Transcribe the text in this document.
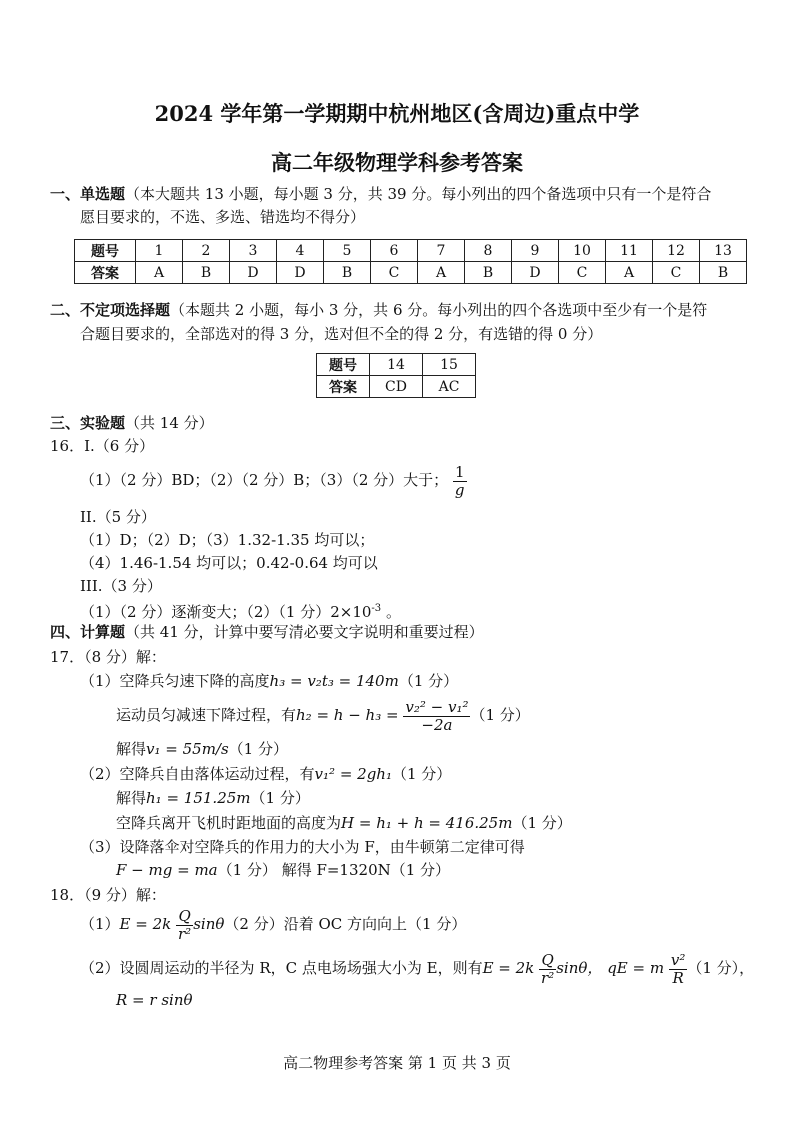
2024 学年第一学期期中杭州地区(含周边)重点中学
高二年级物理学科参考答案
一、单选题（本大题共 13 小题，每小题 3 分，共 39 分。每小列出的四个备选项中只有一个是符合
愿目要求的，不选、多选、错选均不得分）
题号	1	2	3	4	5	6	7	8	9	10	11	12	13
答案	A	B	D	D	B	C	A	B	D	C	A	C	B
二、不定项选择题（本题共 2 小题，每小 3 分，共 6 分。每小列出的四个各选项中至少有一个是符
合题目要求的，全部选对的得 3 分，选对但不全的得 2 分，有选错的得 0 分）
题号	14	15
答案	CD	AC
三、实验题（共 14 分）
16．I.（6 分）
（1）（2 分）BD；（2）（2 分）B；（3）（2 分）大于； $\frac{1}{g}$
II.（5 分）
（1）D；（2）D；（3）1.32-1.35 均可以；
（4）1.46-1.54 均可以；0.42-0.64 均可以
III.（3 分）
（1）（2 分）逐渐变大；（2）（1 分）$2\times 10^{-3}$ 。
四、计算题（共 41 分，计算中要写清必要文字说明和重要过程）
17．（8 分）解：
（1）空降兵匀速下降的高度h₃ = v₂t₃ = 140m（1 分）
运动员匀减速下降过程，有$h_2 = h - h_3 = \frac{\text{v₂² − v₁²}}{-2a} (1$ 分）
解得v₁ = 55m/s（1 分）
（2）空降兵自由落体运动过程，有v₁² = 2gh₁（1 分）
解得h₁ = 151.25m（1 分）
空降兵离开飞机时距地面的高度为H = h₁ + h = 416.25m（1 分）
（3）设降落伞对空降兵的作用力的大小为 F，由牛顿第二定律可得
F − mg = ma（1 分） 解得 F=1320N（1 分）
18．（9 分）解：
$(1)E = 2k \frac{Q}{\text{r²}} \sin\theta(2$ 分）沿着 OC 方向向上（1 分）
（2）设圆周运动的半径为 R，C 点电场场强大小为 E，则有$E = 2k \frac{Q}{\text{r²}}$ sinθ， qE = m $\frac{\text{v²}}{R} (1$ 分），
R = r sinθ
高二物理参考答案 第 1 页 共 3 页
